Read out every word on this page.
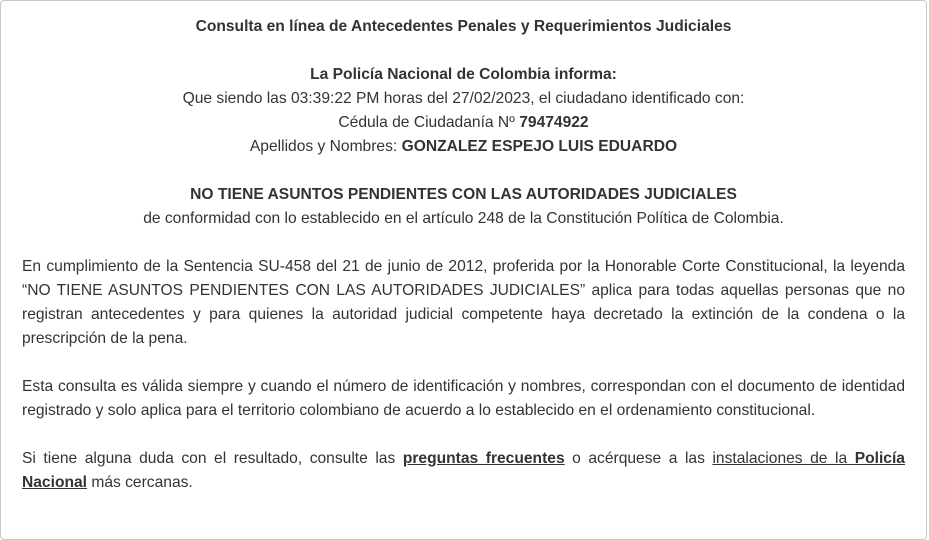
Consulta en línea de Antecedentes Penales y Requerimientos Judiciales
La Policía Nacional de Colombia informa:
Que siendo las 03:39:22 PM horas del 27/02/2023, el ciudadano identificado con:
Cédula de Ciudadanía Nº 79474922
Apellidos y Nombres: GONZALEZ ESPEJO LUIS EDUARDO
NO TIENE ASUNTOS PENDIENTES CON LAS AUTORIDADES JUDICIALES
de conformidad con lo establecido en el artículo 248 de la Constitución Política de Colombia.

En cumplimiento de la Sentencia SU-458 del 21 de junio de 2012, proferida por la Honorable Corte Constitucional, la leyenda “NO TIENE ASUNTOS PENDIENTES CON LAS AUTORIDADES JUDICIALES” aplica para todas aquellas personas que no registran antecedentes y para quienes la autoridad judicial competente haya decretado la extinción de la condena o la prescripción de la pena.

Esta consulta es válida siempre y cuando el número de identificación y nombres, correspondan con el documento de identidad registrado y solo aplica para el territorio colombiano de acuerdo a lo establecido en el ordenamiento constitucional.

Si tiene alguna duda con el resultado, consulte las preguntas frecuentes o acérquese a las instalaciones de la Policía Nacional más cercanas.
